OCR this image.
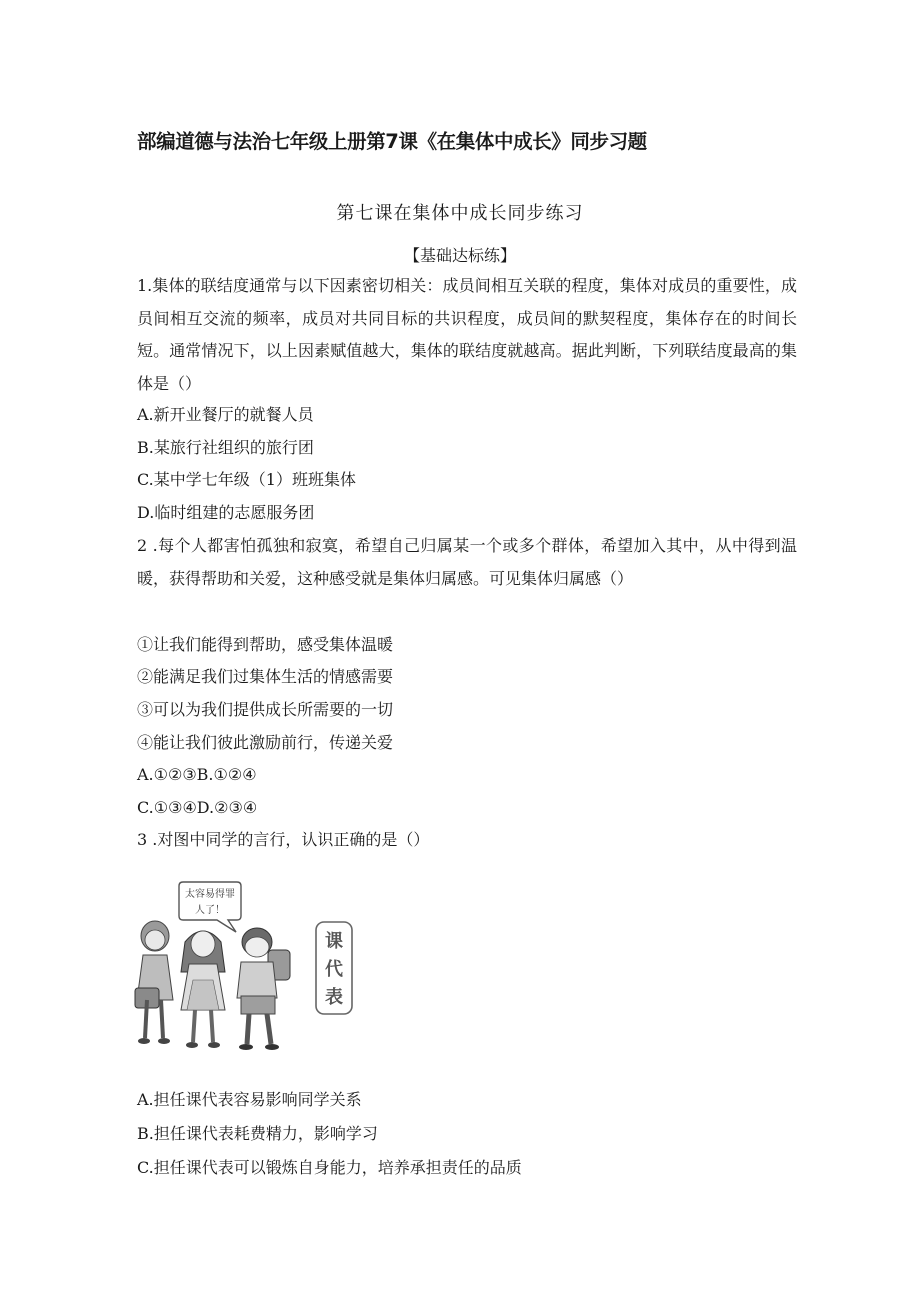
部编道德与法治七年级上册第7课《在集体中成长》同步习题
第七课在集体中成长同步练习
【基础达标练】
1.集体的联结度通常与以下因素密切相关：成员间相互关联的程度，集体对成员的重要性，成员间相互交流的频率，成员对共同目标的共识程度，成员间的默契程度，集体存在的时间长短。通常情况下，以上因素赋值越大，集体的联结度就越高。据此判断，下列联结度最高的集体是（）
A.新开业餐厅的就餐人员
B.某旅行社组织的旅行团
C.某中学七年级（1）班班集体
D.临时组建的志愿服务团
2 .每个人都害怕孤独和寂寞，希望自己归属某一个或多个群体，希望加入其中，从中得到温暖，获得帮助和关爱，这种感受就是集体归属感。可见集体归属感（）
①让我们能得到帮助，感受集体温暖
②能满足我们过集体生活的情感需要
③可以为我们提供成长所需要的一切
④能让我们彼此激励前行，传递关爱
A.①②③B.①②④
C.①③④D.②③④
3 .对图中同学的言行，认识正确的是（）
太容易得罪
人了！
课
代
表
A.担任课代表容易影响同学关系
B.担任课代表耗费精力，影响学习
C.担任课代表可以锻炼自身能力，培养承担责任的品质
